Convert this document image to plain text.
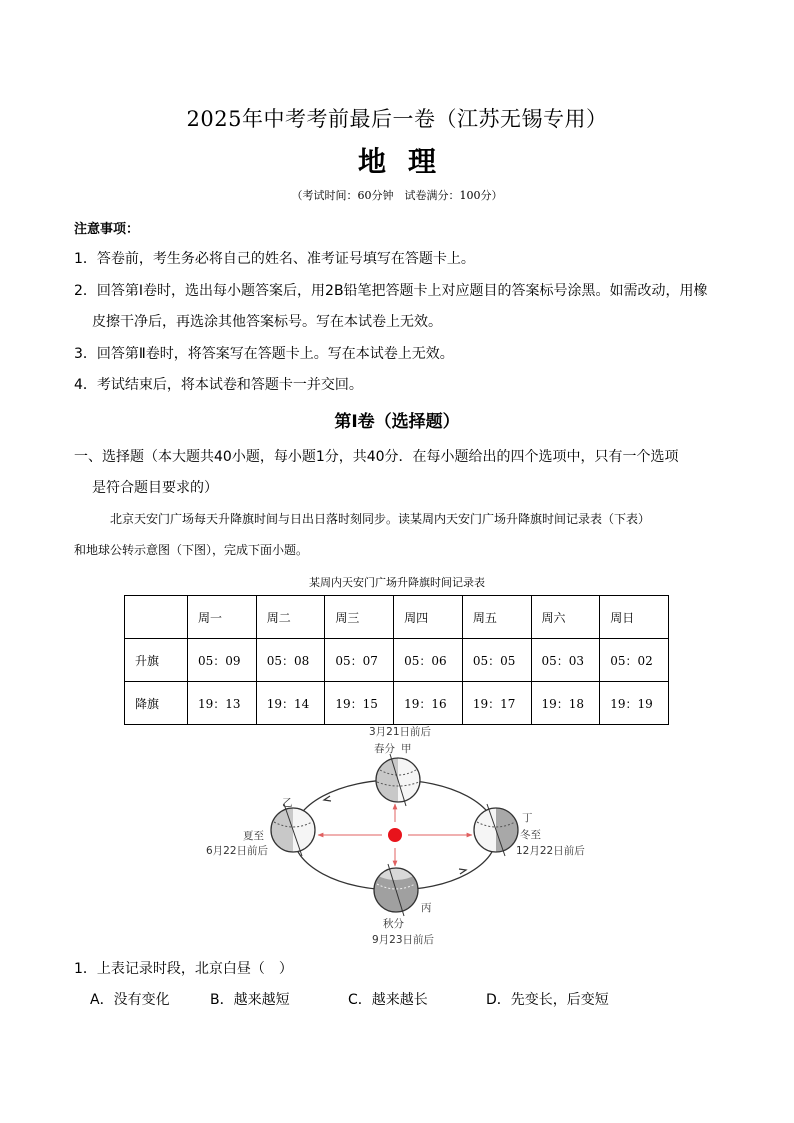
2025年中考考前最后一卷（江苏无锡专用）
地理
（考试时间：60分钟　试卷满分：100分）
注意事项：
1．答卷前，考生务必将自己的姓名、准考证号填写在答题卡上。
2．回答第Ⅰ卷时，选出每小题答案后，用2B铅笔把答题卡上对应题目的答案标号涂黑。如需改动，用橡
皮擦干净后，再选涂其他答案标号。写在本试卷上无效。
3．回答第Ⅱ卷时，将答案写在答题卡上。写在本试卷上无效。
4．考试结束后，将本试卷和答题卡一并交回。
第Ⅰ卷（选择题）
一、选择题（本大题共40小题，每小题1分，共40分．在每小题给出的四个选项中，只有一个选项
是符合题目要求的）
北京天安门广场每天升降旗时间与日出日落时刻同步。读某周内天安门广场升降旗时间记录表（下表）
和地球公转示意图（下图），完成下面小题。
某周内天安门广场升降旗时间记录表
	周一	周二	周三	周四	周五	周六	周日
升旗	05：09	05：08	05：07	05：06	05：05	05：03	05：02
降旗	19：13	19：14	19：15	19：16	19：17	19：18	19：19
3月21日前后
春分 甲
乙
夏至
6月22日前后
丁
冬至
12月22日前后
丙
秋分
9月23日前后
1．上表记录时段，北京白昼（　）
A．没有变化	B．越来越短	C．越来越长	D．先变长，后变短
